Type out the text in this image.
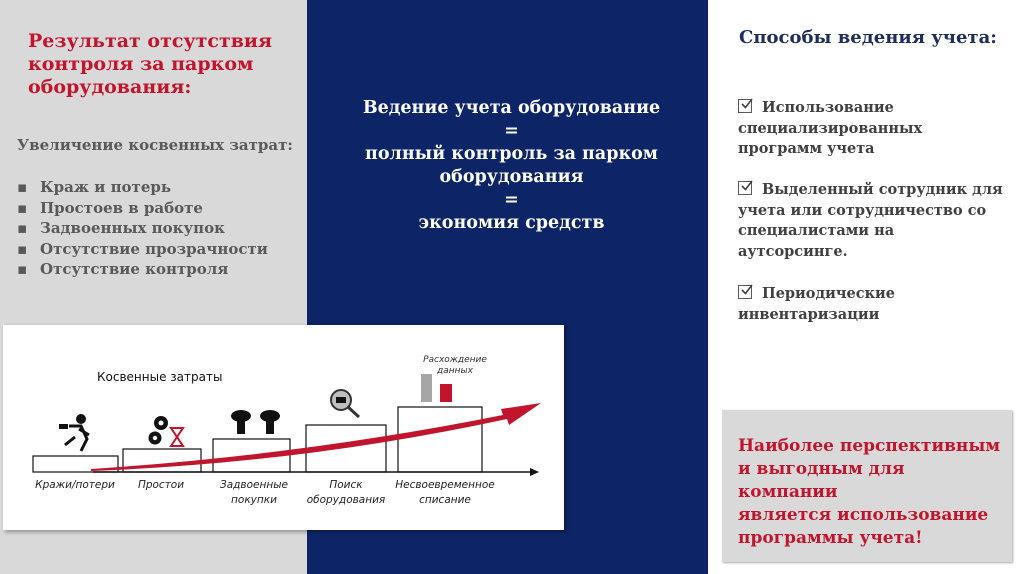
Результат отсутствия
контроля за парком
оборудования:
Увеличение косвенных затрат:
▪ Краж и потерь
▪ Простоев в работе
▪ Задвоенных покупок
▪ Отсутствие прозрачности
▪ Отсутствие контроля
Ведение учета оборудование
=
полный контроль за парком
оборудования
=
экономия средств
Способы ведения учета:
Использование
специализированных
программ учета
Выделенный сотрудник для
учета или сотрудничество со
специалистами на
аутсорсинге.
Периодические
инвентаризации
Наиболее перспективным
и выгодным для компании
является использование
программы учета!
Косвенные затраты
Расхождение
данных
Кражи/потери Простои	Задвоенные
покупки
Поиск
оборудования
Несвоевременное
списание
